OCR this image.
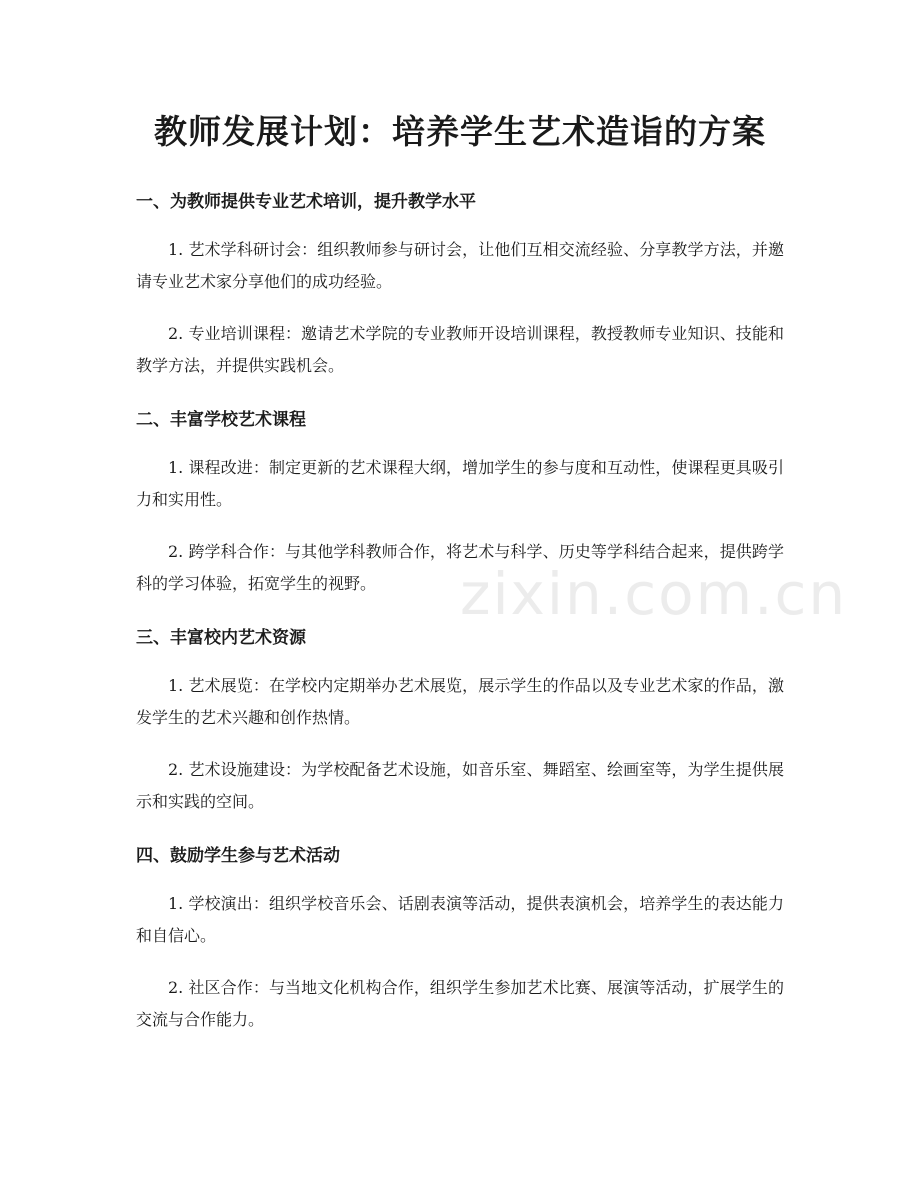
教师发展计划：培养学生艺术造诣的方案
zixin.com.cn
一、为教师提供专业艺术培训，提升教学水平

1. 艺术学科研讨会：组织教师参与研讨会，让他们互相交流经验、分享教学方法，并邀请专业艺术家分享他们的成功经验。

2. 专业培训课程：邀请艺术学院的专业教师开设培训课程，教授教师专业知识、技能和教学方法，并提供实践机会。

二、丰富学校艺术课程

1. 课程改进：制定更新的艺术课程大纲，增加学生的参与度和互动性，使课程更具吸引力和实用性。

2. 跨学科合作：与其他学科教师合作，将艺术与科学、历史等学科结合起来，提供跨学科的学习体验，拓宽学生的视野。

三、丰富校内艺术资源

1. 艺术展览：在学校内定期举办艺术展览，展示学生的作品以及专业艺术家的作品，激发学生的艺术兴趣和创作热情。

2. 艺术设施建设：为学校配备艺术设施，如音乐室、舞蹈室、绘画室等，为学生提供展示和实践的空间。

四、鼓励学生参与艺术活动

1. 学校演出：组织学校音乐会、话剧表演等活动，提供表演机会，培养学生的表达能力和自信心。

2. 社区合作：与当地文化机构合作，组织学生参加艺术比赛、展演等活动，扩展学生的交流与合作能力。
